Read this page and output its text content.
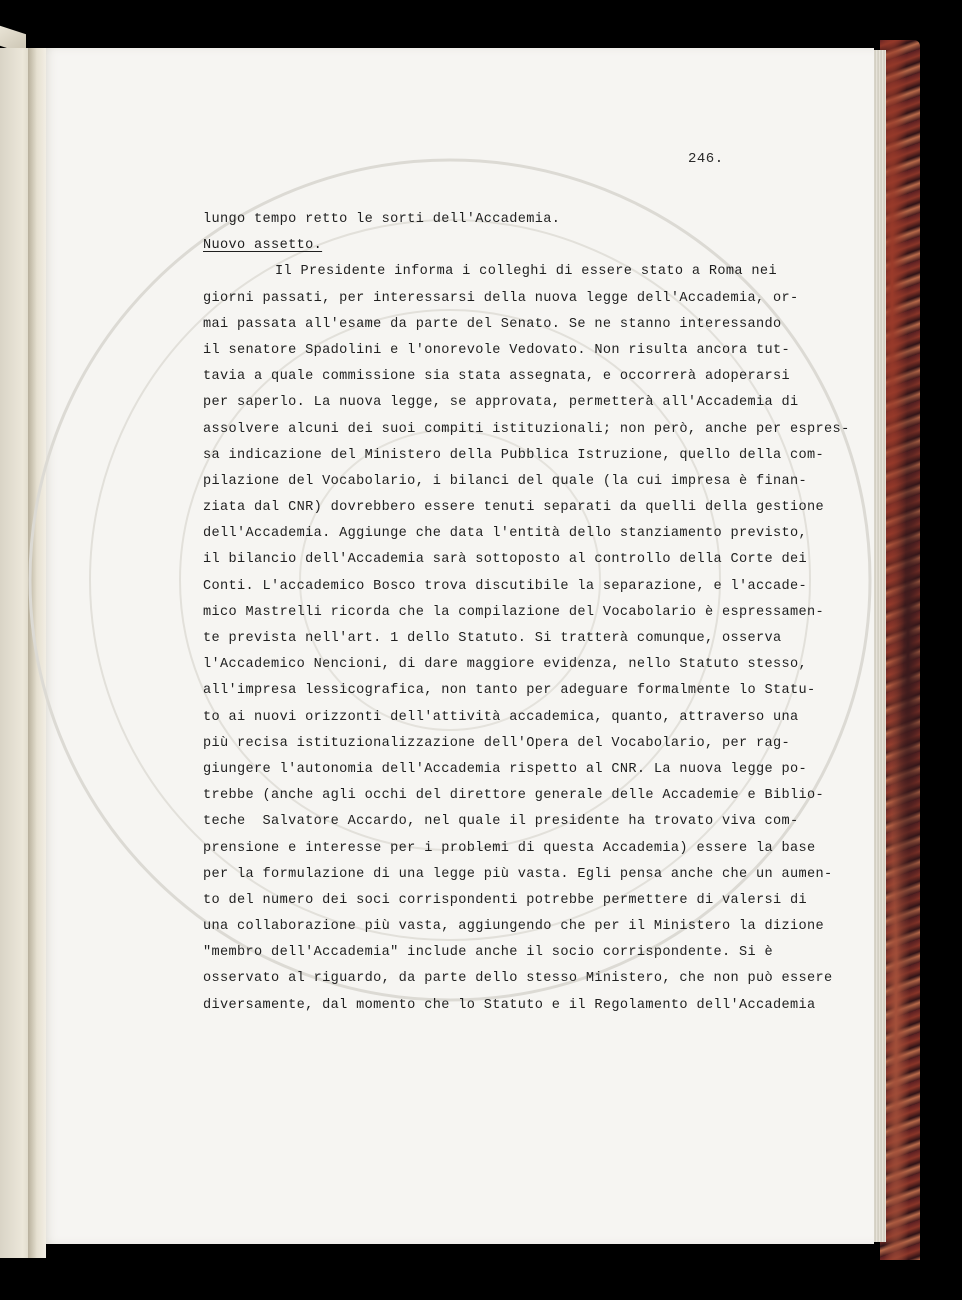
246.
lungo tempo retto le sorti dell'Accademia.
Nuovo assetto.
Il Presidente informa i colleghi di essere stato a Roma nei
giorni passati, per interessarsi della nuova legge dell'Accademia, or-
mai passata all'esame da parte del Senato. Se ne stanno interessando
il senatore Spadolini e l'onorevole Vedovato. Non risulta ancora tut-
tavia a quale commissione sia stata assegnata, e occorrerà adoperarsi
per saperlo. La nuova legge, se approvata, permetterà all'Accademia di
assolvere alcuni dei suoi compiti istituzionali; non però, anche per espres-
sa indicazione del Ministero della Pubblica Istruzione, quello della com-
pilazione del Vocabolario, i bilanci del quale (la cui impresa è finan-
ziata dal CNR) dovrebbero essere tenuti separati da quelli della gestione
dell'Accademia. Aggiunge che data l'entità dello stanziamento previsto,
il bilancio dell'Accademia sarà sottoposto al controllo della Corte dei
Conti. L'accademico Bosco trova discutibile la separazione, e l'accade-
mico Mastrelli ricorda che la compilazione del Vocabolario è espressamen-
te prevista nell'art. 1 dello Statuto. Si tratterà comunque, osserva
l'Accademico Nencioni, di dare maggiore evidenza, nello Statuto stesso,
all'impresa lessicografica, non tanto per adeguare formalmente lo Statu-
to ai nuovi orizzonti dell'attività accademica, quanto, attraverso una
più recisa istituzionalizzazione dell'Opera del Vocabolario, per rag-
giungere l'autonomia dell'Accademia rispetto al CNR. La nuova legge po-
trebbe (anche agli occhi del direttore generale delle Accademie e Biblio-
teche  Salvatore Accardo, nel quale il presidente ha trovato viva com-
prensione e interesse per i problemi di questa Accademia) essere la base
per la formulazione di una legge più vasta. Egli pensa anche che un aumen-
to del numero dei soci corrispondenti potrebbe permettere di valersi di
una collaborazione più vasta, aggiungendo che per il Ministero la dizione
"membro dell'Accademia" include anche il socio corrispondente. Si è
osservato al riguardo, da parte dello stesso Ministero, che non può essere
diversamente, dal momento che lo Statuto e il Regolamento dell'Accademia
